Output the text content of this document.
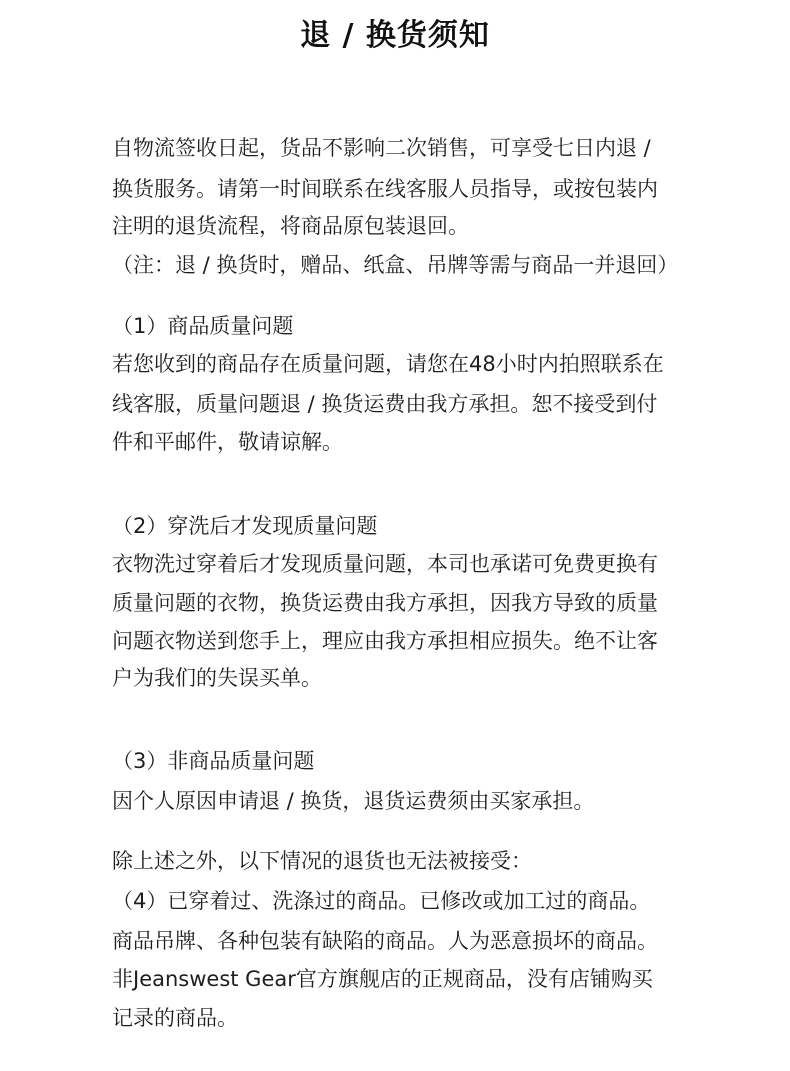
退 / 换货须知
自物流签收日起，货品不影响二次销售，可享受七日内退 /
换货服务。请第一时间联系在线客服人员指导，或按包装内
注明的退货流程，将商品原包装退回。
（注：退 / 换货时，赠品、纸盒、吊牌等需与商品一并退回）
（1）商品质量问题
若您收到的商品存在质量问题，请您在48小时内拍照联系在
线客服，质量问题退 / 换货运费由我方承担。恕不接受到付
件和平邮件，敬请谅解。
（2）穿洗后才发现质量问题
衣物洗过穿着后才发现质量问题，本司也承诺可免费更换有
质量问题的衣物，换货运费由我方承担，因我方导致的质量
问题衣物送到您手上，理应由我方承担相应损失。绝不让客
户为我们的失误买单。
（3）非商品质量问题
因个人原因申请退 / 换货，退货运费须由买家承担。
除上述之外，以下情况的退货也无法被接受：
（4）已穿着过、洗涤过的商品。已修改或加工过的商品。
商品吊牌、各种包装有缺陷的商品。人为恶意损坏的商品。
非Jeanswest Gear官方旗舰店的正规商品，没有店铺购买
记录的商品。
